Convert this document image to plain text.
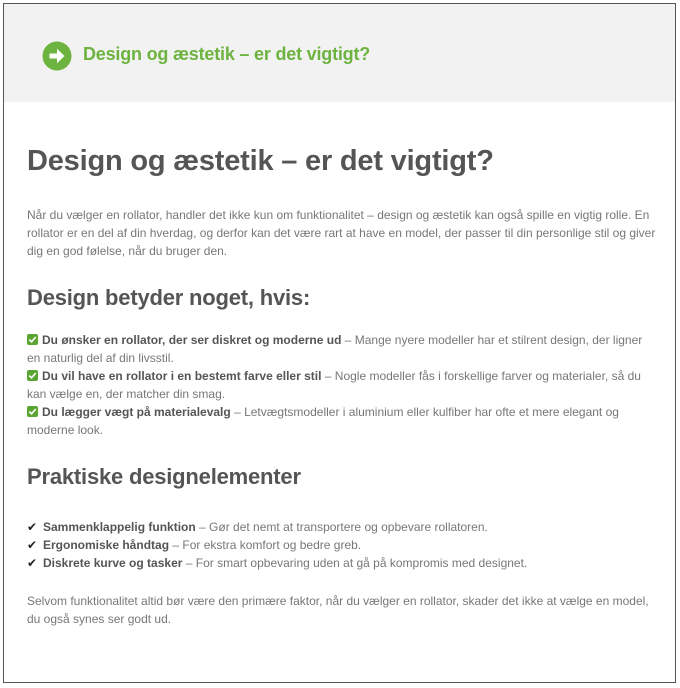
Design og æstetik – er det vigtigt?
Design og æstetik – er det vigtigt?

Når du vælger en rollator, handler det ikke kun om funktionalitet – design og æstetik kan også spille en vigtig rolle. En rollator er en del af din hverdag, og derfor kan det være rart at have en model, der passer til din personlige stil og giver dig en god følelse, når du bruger den.

Design betyder noget, hvis:
Du ønsker en rollator, der ser diskret og moderne ud – Mange nyere modeller har et stilrent design, der ligner en naturlig del af din livsstil.
Du vil have en rollator i en bestemt farve eller stil – Nogle modeller fås i forskellige farver og materialer, så du kan vælge en, der matcher din smag.
Du lægger vægt på materialevalg – Letvægtsmodeller i aluminium eller kulfiber har ofte et mere elegant og moderne look.
Praktiske designelementer
✔ Sammenklappelig funktion – Gør det nemt at transportere og opbevare rollatoren.
✔ Ergonomiske håndtag – For ekstra komfort og bedre greb.
✔ Diskrete kurve og tasker – For smart opbevaring uden at gå på kompromis med designet.

Selvom funktionalitet altid bør være den primære faktor, når du vælger en rollator, skader det ikke at vælge en model, du også synes ser godt ud.
